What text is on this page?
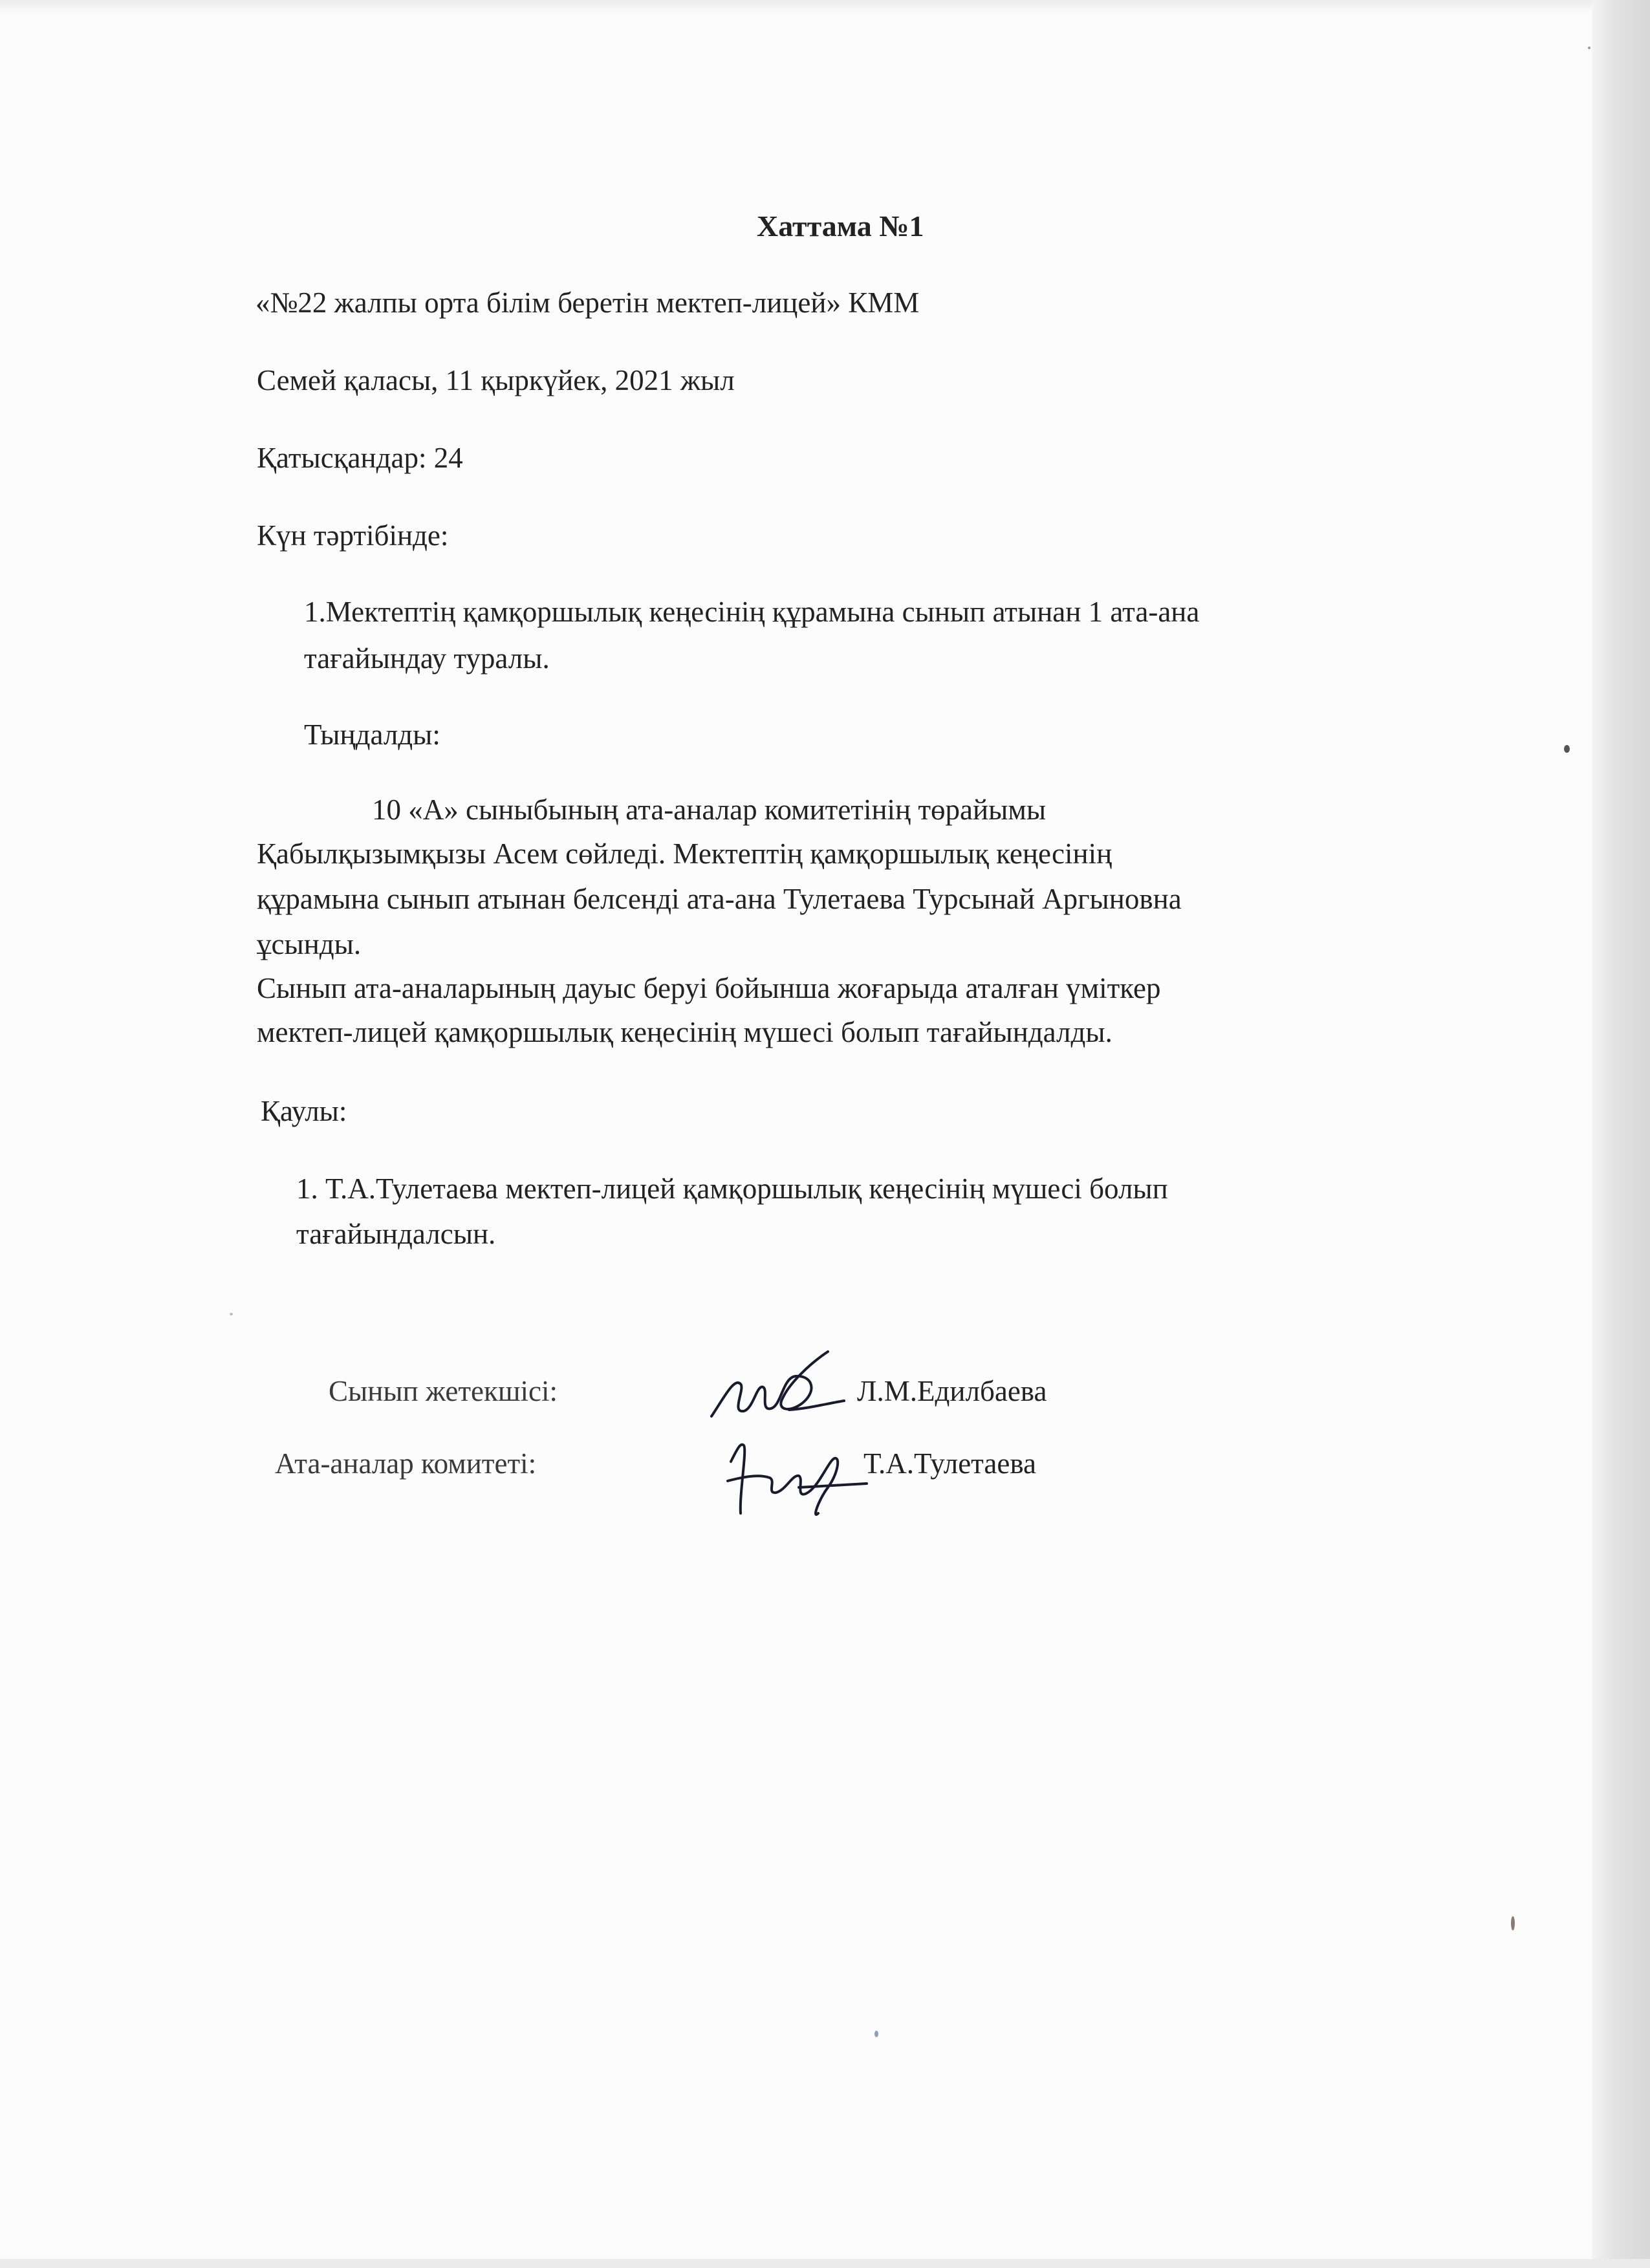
Хаттама №1
«№22 жалпы орта білім беретін мектеп-лицей» КММ
Семей қаласы, 11 қыркүйек, 2021 жыл
Қатысқандар: 24
Күн тәртібінде:
1.Мектептің қамқоршылық кеңесінің құрамына сынып атынан 1 ата-ана
тағайындау туралы.
Тыңдалды:
10 «А» сыныбының ата-аналар комитетінің төрайымы
Қабылқызымқызы Асем сөйледі. Мектептің қамқоршылық кеңесінің
құрамына сынып атынан белсенді ата-ана Тулетаева Турсынай Аргыновна
ұсынды.
Сынып ата-аналарының дауыс беруі бойынша жоғарыда аталған үміткер
мектеп-лицей қамқоршылық кеңесінің мүшесі болып тағайындалды.
Қаулы:
1. Т.А.Тулетаева мектеп-лицей қамқоршылық кеңесінің мүшесі болып
тағайындалсын.
Сынып жетекшісі:	Л.М.Едилбаева
Ата-аналар комитеті:	Т.А.Тулетаева
